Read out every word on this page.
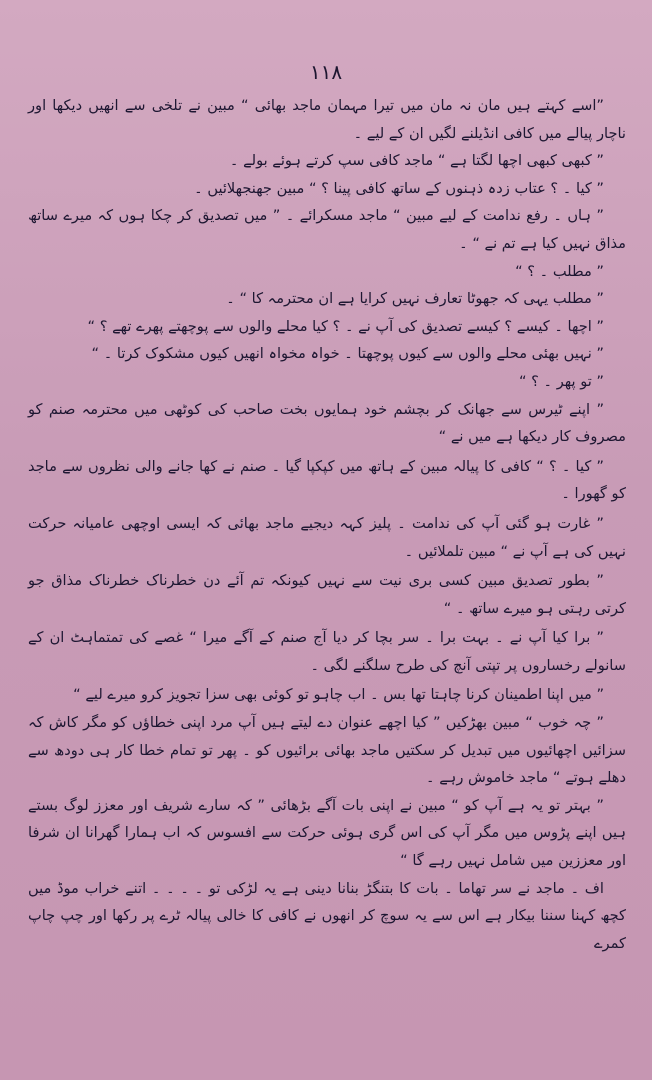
١١٨

”اسے کہتے ہیں مان نہ مان میں تیرا مہمان ماجد بھائی “ مبین نے تلخی سے انھیں دیکھا اور ناچار پیالے میں کافی انڈیلنے لگیں ان کے لیے ۔

” کبھی کبھی اچھا لگتا ہے “ ماجد کافی سپ کرتے ہوئے بولے ۔

” کیا ۔ ؟ عتاب زدہ ذہنوں کے ساتھ کافی پینا ؟ “ مبین جھنجھلائیں ۔

” ہاں ۔ رفع ندامت کے لیے مبین “ ماجد مسکرائے ۔ ” میں تصدیق کر چکا ہوں کہ میرے ساتھ مذاق نہیں کیا ہے تم نے “ ۔

” مطلب ۔ ؟ “

” مطلب یہی کہ جھوٹا تعارف نہیں کرایا ہے ان محترمہ کا “ ۔

” اچھا ۔ کیسے ؟ کیسے تصدیق کی آپ نے ۔ ؟ کیا محلے والوں سے پوچھتے پھرے تھے ؟ “

” نہیں بھئی محلے والوں سے کیوں پوچھتا ۔ خواہ مخواہ انھیں کیوں مشکوک کرتا ۔ “

” تو پھر ۔ ؟ “

” اپنے ٹیرس سے جھانک کر بچشم خود ہمایوں بخت صاحب کی کوٹھی میں محترمہ صنم کو مصروف کار دیکھا ہے میں نے “

” کیا ۔ ؟ “ کافی کا پیالہ مبین کے ہاتھ میں کپکپا گیا ۔ صنم نے کھا جانے والی نظروں سے ماجد کو گھورا ۔

” غارت ہو گئی آپ کی ندامت ۔ پلیز کہہ دیجیے ماجد بھائی کہ ایسی اوچھی عامیانہ حرکت نہیں کی ہے آپ نے “ مبین تلملائیں ۔

” بطور تصدیق مبین کسی بری نیت سے نہیں کیونکہ تم آئے دن خطرناک خطرناک مذاق جو کرتی رہتی ہو میرے ساتھ ۔ “

” برا کیا آپ نے ۔ بہت برا ۔ سر بچا کر دیا آج صنم کے آگے میرا “ غصے کی تمتماہٹ ان کے سانولے رخساروں پر تپتی آنچ کی طرح سلگنے لگی ۔

” میں اپنا اطمینان کرنا چاہتا تھا بس ۔ اب چاہو تو کوئی بھی سزا تجویز کرو میرے لیے “

” چہ خوب “ مبین بھڑکیں ” کیا اچھے عنوان دے لیتے ہیں آپ مرد اپنی خطاؤں کو مگر کاش کہ سزائیں اچھائیوں میں تبدیل کر سکتیں ماجد بھائی برائیوں کو ۔ پھر تو تمام خطا کار ہی دودھ سے دھلے ہوتے “ ماجد خاموش رہے ۔

” بہتر تو یہ ہے آپ کو “ مبین نے اپنی بات آگے بڑھائی ” کہ سارے شریف اور معزز لوگ بستے ہیں اپنے پڑوس میں مگر آپ کی اس گری ہوئی حرکت سے افسوس کہ اب ہمارا گھرانا ان شرفا اور معززین میں شامل نہیں رہے گا “

اف ۔ ماجد نے سر تھاما ۔ بات کا بتنگڑ بنانا دینی ہے یہ لڑکی تو ۔ ۔ ۔ ۔ اتنے خراب موڈ میں کچھ کہنا سننا بیکار ہے اس سے یہ سوچ کر انھوں نے کافی کا خالی پیالہ ٹرے پر رکھا اور چپ چاپ کمرے
